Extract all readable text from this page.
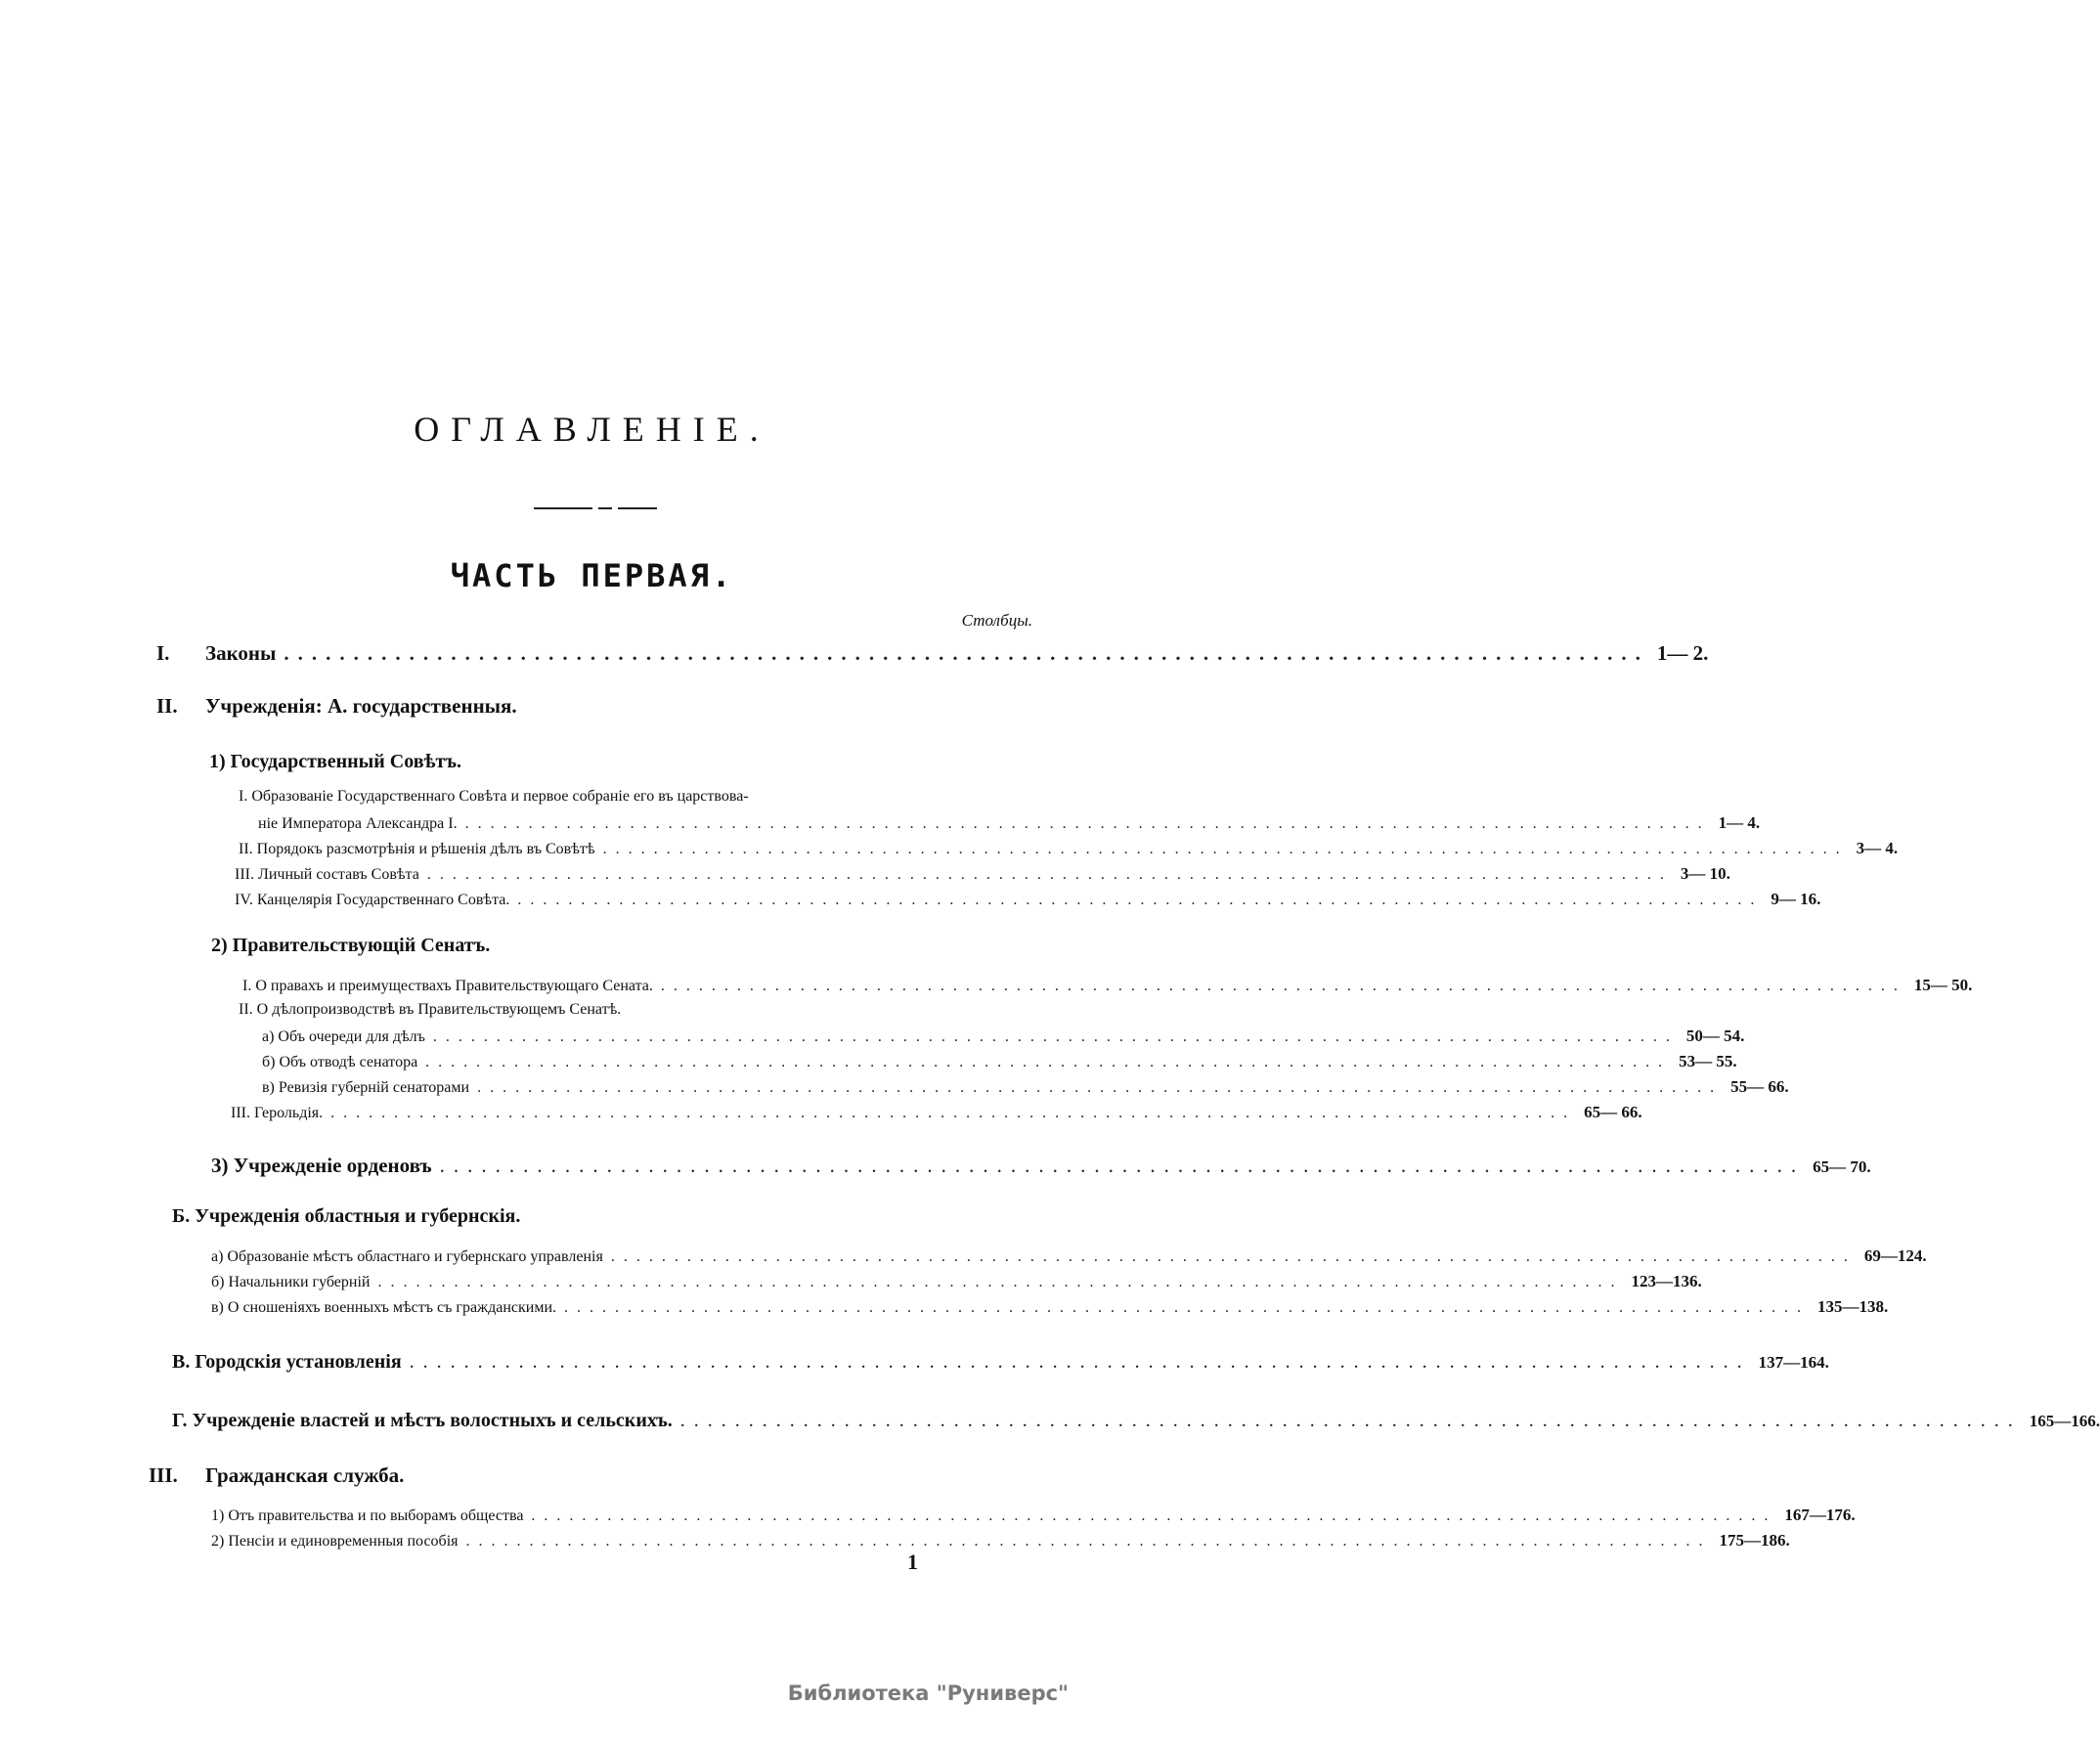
ОГЛАВЛЕНІЕ.
ЧАСТЬ ПЕРВАЯ.
Столбцы.
I. Законы .................................................................................................. 1— 2.
II. Учрежденія: А. государственныя.
1) Государственный Совѣтъ.
I. Образованіе Государственнаго Совѣта и первое собраніе его въ царствова-
ніе Императора Александра I. .................................................................................................. 1— 4.
II. Порядокъ разсмотрѣнія и рѣшенія дѣлъ въ Совѣтѣ .................................................................................................. 3— 4.
III. Личный составъ Совѣта .................................................................................................. 3— 10.
IV. Канцелярія Государственнаго Совѣта. .................................................................................................. 9— 16.
2) Правительствующій Сенатъ.
I. О правахъ и преимуществахъ Правительствующаго Сената. .................................................................................................. 15— 50.
II. О дѣлопроизводствѣ въ Правительствующемъ Сенатѣ.
а) Объ очереди для дѣлъ .................................................................................................. 50— 54.
б) Объ отводѣ сенатора .................................................................................................. 53— 55.
в) Ревизія губерній сенаторами .................................................................................................. 55— 66.
III. Герольдія. .................................................................................................. 65— 66.
3) Учрежденіе орденовъ .................................................................................................. 65— 70.
Б. Учрежденія областныя и губернскія.
а) Образованіе мѣстъ областнаго и губернскаго управленія .................................................................................................. 69—124.
б) Начальники губерній .................................................................................................. 123—136.
в) О сношеніяхъ военныхъ мѣстъ съ гражданскими. .................................................................................................. 135—138.
В. Городскія установленія .................................................................................................. 137—164.
Г. Учрежденіе властей и мѣстъ волостныхъ и сельскихъ. .................................................................................................. 165—166.
III. Гражданская служба.
1) Отъ правительства и по выборамъ общества .................................................................................................. 167—176.
2) Пенсіи и единовременныя пособія .................................................................................................. 175—186.
1
Библиотека "Руниверс"
